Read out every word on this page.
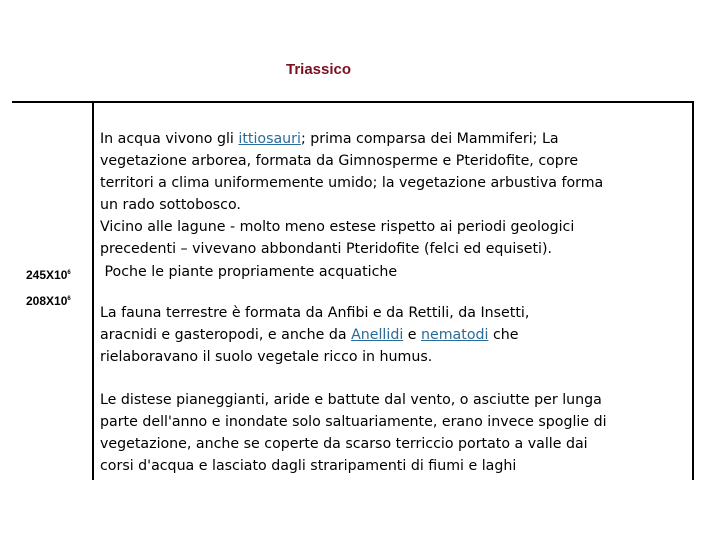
Triassico
$245X10^6$
$208X10^6$
In acqua vivono gli ittiosauri; prima comparsa dei Mammiferi; La
vegetazione arborea, formata da Gimnosperme e Pteridofite, copre
territori a clima uniformemente umido; la vegetazione arbustiva forma
un rado sottobosco.
Vicino alle lagune - molto meno estese rispetto ai periodi geologici
precedenti – vivevano abbondanti Pteridofite (felci ed equiseti).
Poche le piante propriamente acquatiche
La fauna terrestre è formata da Anfibi e da Rettili, da Insetti,
aracnidi e gasteropodi, e anche da Anellidi e nematodi che
rielaboravano il suolo vegetale ricco in humus.
Le distese pianeggianti, aride e battute dal vento, o asciutte per lunga
parte dell'anno e inondate solo saltuariamente, erano invece spoglie di
vegetazione, anche se coperte da scarso terriccio portato a valle dai
corsi d'acqua e lasciato dagli straripamenti di fiumi e laghi
